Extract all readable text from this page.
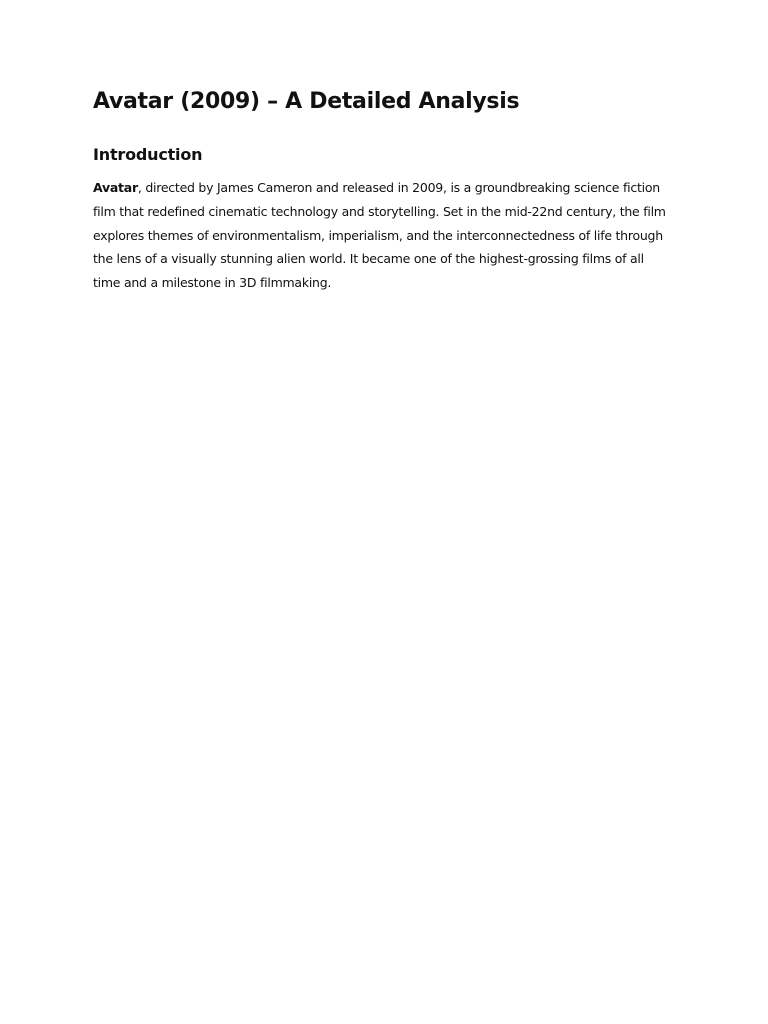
Avatar (2009) – A Detailed Analysis
Introduction

Avatar, directed by James Cameron and released in 2009, is a groundbreaking science fiction film that redefined cinematic technology and storytelling. Set in the mid-22nd century, the film explores themes of environmentalism, imperialism, and the interconnectedness of life through the lens of a visually stunning alien world. It became one of the highest-grossing films of all time and a milestone in 3D filmmaking.
